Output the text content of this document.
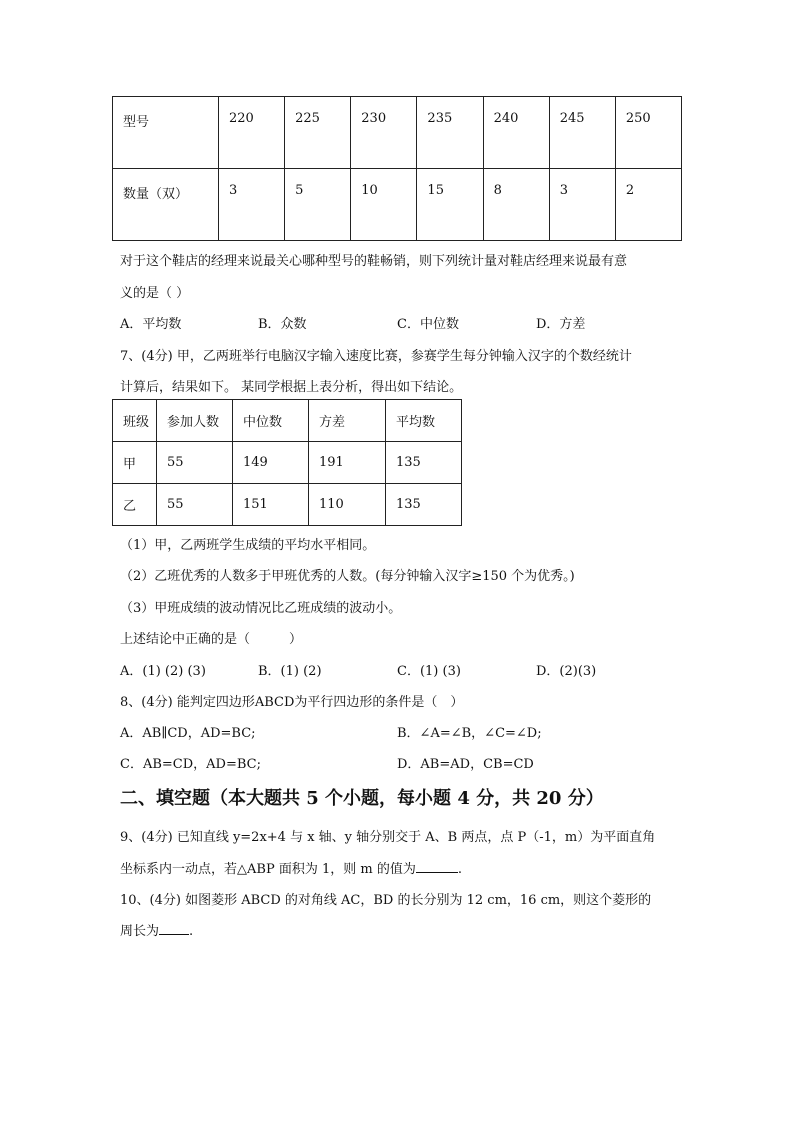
型号	220	225	230	235	240	245	250
数量（双）	3	5	10	15	8	3	2
对于这个鞋店的经理来说最关心哪种型号的鞋畅销，则下列统计量对鞋店经理来说最有意
义的是（ ）
A．平均数	B．众数	C．中位数	D．方差
7、(4分) 甲，乙两班举行电脑汉字输入速度比赛，参赛学生每分钟输入汉字的个数经统计
计算后，结果如下。 某同学根据上表分析，得出如下结论。
班级	参加人数	中位数	方差	平均数
甲	55	149	191	135
乙	55	151	110	135
（1）甲，乙两班学生成绩的平均水平相同。
（2）乙班优秀的人数多于甲班优秀的人数。(每分钟输入汉字≥150 个为优秀。)
（3）甲班成绩的波动情况比乙班成绩的波动小。
上述结论中正确的是（　　　）
A．(1) (2) (3)	B．(1) (2)	C．(1) (3)	D．(2)(3)
8、(4分) 能判定四边形ABCD为平行四边形的条件是（　）
A．AB∥CD，AD=BC;	B．∠A=∠B，∠C=∠D;
C．AB=CD，AD=BC;	D．AB=AD，CB=CD
二、填空题（本大题共 5 个小题，每小题 4 分，共 20 分）
9、(4分) 已知直线 y=2x+4 与 x 轴、y 轴分别交于 A、B 两点，点 P（-1，m）为平面直角
坐标系内一动点，若△ABP 面积为 1，则 m 的值为	.
10、(4分) 如图菱形 ABCD 的对角线 AC，BD 的长分别为 12 cm，16 cm，则这个菱形的
周长为 .
